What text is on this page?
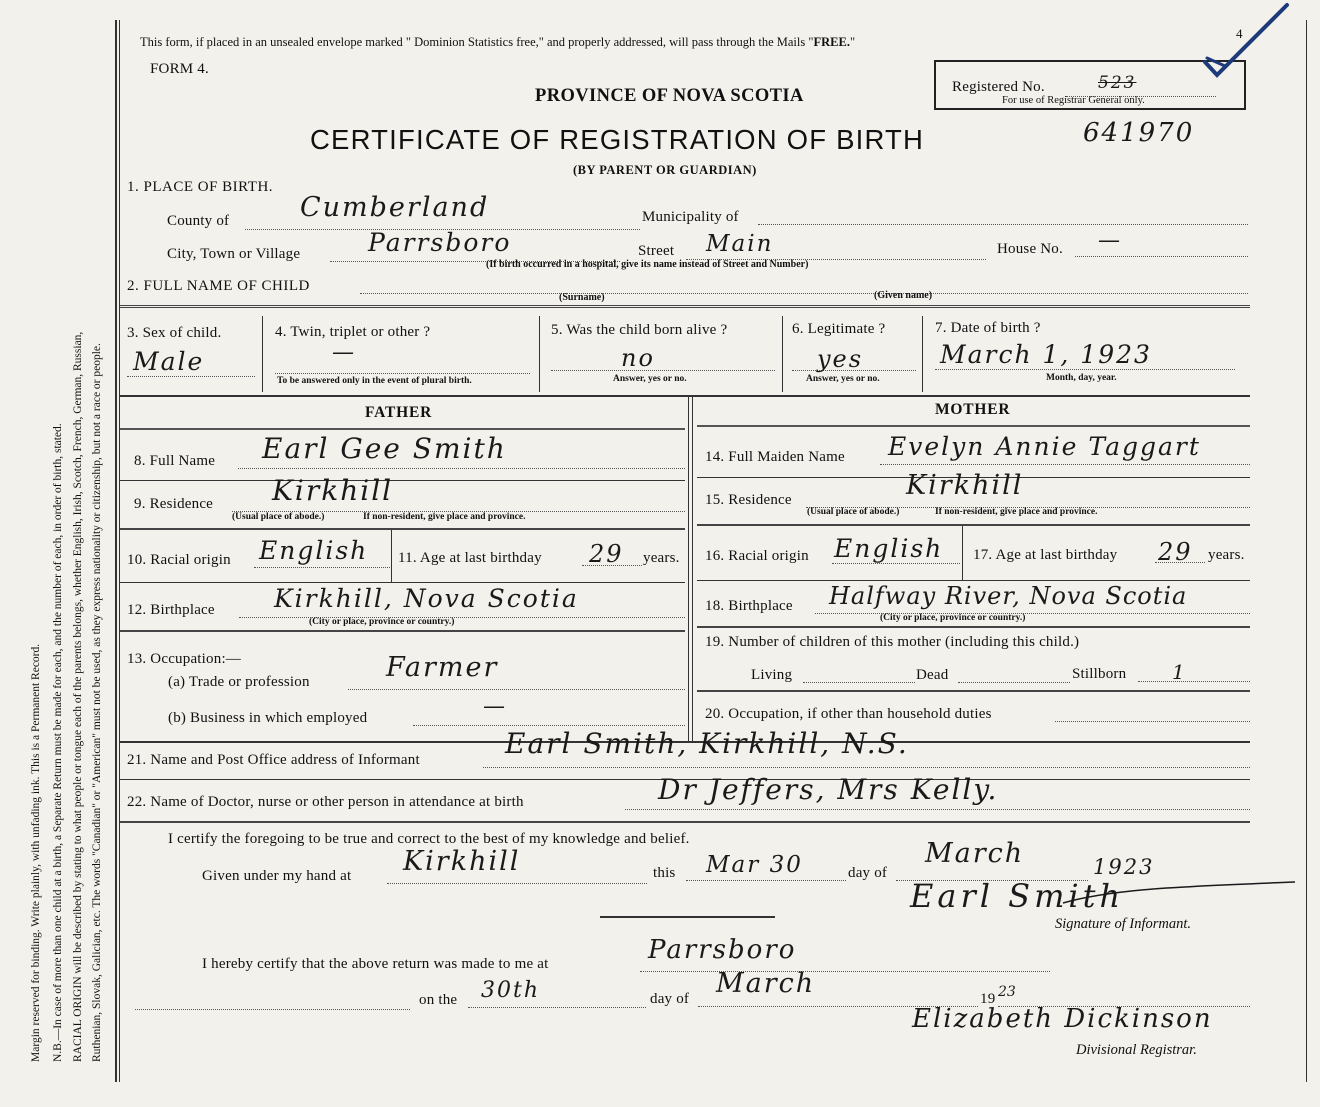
Margin reserved for binding. Write plainly, with unfading ink. This is a Permanent Record. N.B.—In case of more than one child at a birth, a Separate Return must be made for each, and the number of each, in order of birth, stated. RACIAL ORIGIN will be described by stating to what people or tongue each of the parents belongs, whether English, Irish, Scotch, French, German, Russian, Ruthenian, Slovak, Galician, etc. The words "Canadian" or "American" must not be used, as they express nationality or citizenship, but not a race or people.
This form, if placed in an unsealed envelope marked " Dominion Statistics free," and properly addressed, will pass through the Mails "FREE."
FORM 4.
PROVINCE OF NOVA SCOTIA
CERTIFICATE OF REGISTRATION OF BIRTH	641970
(BY PARENT OR GUARDIAN)
Registered No.	523
For use of Registrar General only.
4
1. PLACE OF BIRTH.
County of	Cumberland	Municipality of
City, Town or Village	Parrsboro	Street Main	House No. —
(If birth occurred in a hospital, give its name instead of Street and Number)
2. FULL NAME OF CHILD
(Surname)	(Given name)
3. Sex of child.
Male
4. Twin, triplet or other ?
—
To be answered only in the event of plural birth.
5. Was the child born alive ?
no
Answer, yes or no.
6. Legitimate ?
yes
Answer, yes or no.
7. Date of birth ?
March 1, 1923
Month, day, year.
FATHER
8. Full Name Earl Gee Smith
9. Residence Kirkhill
(Usual place of abode.)	If non-resident, give place and province.
10. Racial origin English 11. Age at last birthday 29 years.
12. Birthplace Kirkhill, Nova Scotia
(City or place, province or country.)
13. Occupation:—
(a) Trade or profession	Farmer
(b) Business in which employed	—
MOTHER
14. Full Maiden Name Evelyn Annie Taggart
15. Residence	Kirkhill
(Usual place of abode.)	If non-resident, give place and province.
16. Racial origin English 17. Age at last birthday 29 years.
18. Birthplace Halfway River, Nova Scotia
(City or place, province or country.)
19. Number of children of this mother (including this child.)
Living	Dead	Stillborn 1
20. Occupation, if other than household duties
21. Name and Post Office address of Informant	Earl Smith, Kirkhill, N.S.
22. Name of Doctor, nurse or other person in attendance at birth	Dr Jeffers, Mrs Kelly.
I certify the foregoing to be true and correct to the best of my knowledge and belief.
Given under my hand at Kirkhill	this Mar 30	day of
March	1923
Earl Smith
Signature of Informant.
I hereby certify that the above return was made to me at	Parrsboro
on the 30th	day of March	19 23
Elizabeth Dickinson
Divisional Registrar.
